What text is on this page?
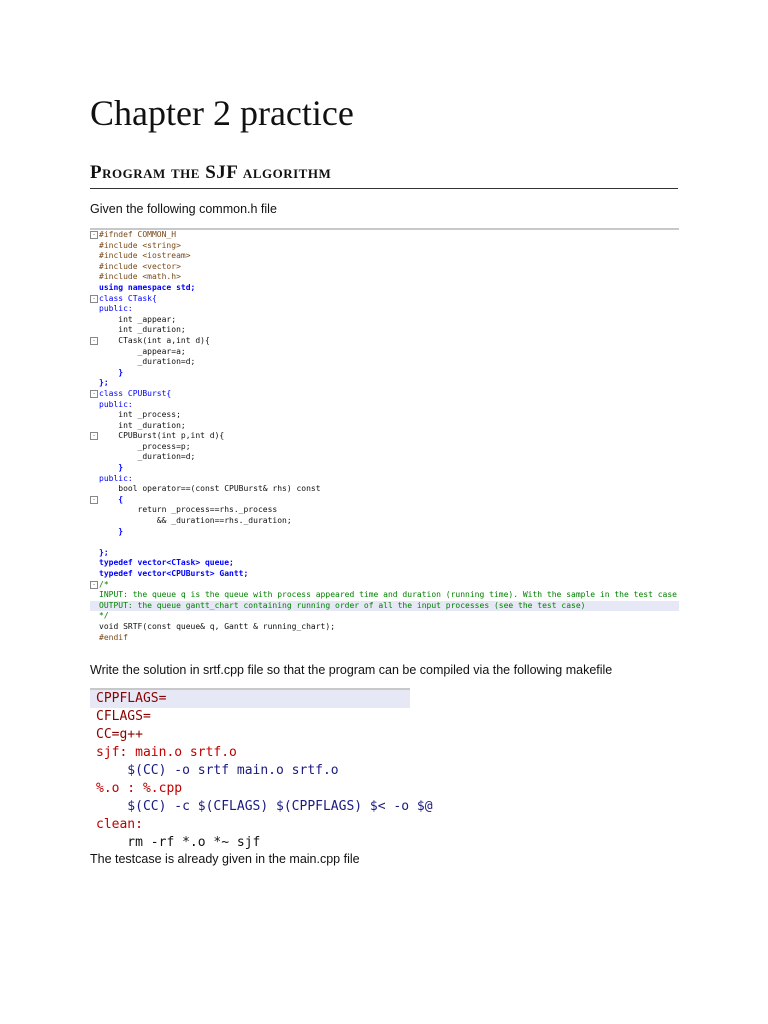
Chapter 2 practice
Program the SJF algorithm

Given the following common.h file

- #ifndef COMMON_H
#include <string>
#include <iostream>
#include <vector>
#include <math.h>
using namespace std;
- class CTask{
public:
int _appear;
int _duration;
- CTask(int a,int d){
_appear=a;
_duration=d;
}
};
- class CPUBurst{
public:
int _process;
int _duration;
- CPUBurst(int p,int d){
_process=p;
_duration=d;
}
public:
bool operator==(const CPUBurst& rhs) const
- {
return _process==rhs._process
&& _duration==rhs._duration;
}
};
typedef vector<CTask> queue;
typedef vector<CPUBurst> Gantt;
- /*
INPUT: the queue q is the queue with process appeared time and duration (running time). With the sample in the test case
OUTPUT: the queue gantt_chart containing running order of all the input processes (see the test case)
*/
void SRTF(const queue& q, Gantt & running_chart);
#endif

Write the solution in srtf.cpp file so that the program can be compiled via the following makefile

CPPFLAGS=
CFLAGS=
CC=g++
sjf: main.o srtf.o
$(CC) -o srtf main.o srtf.o
%.o : %.cpp
$(CC) -c $(CFLAGS) $(CPPFLAGS) $< -o $@
clean:
rm -rf *.o *~ sjf

The testcase is already given in the main.cpp file
